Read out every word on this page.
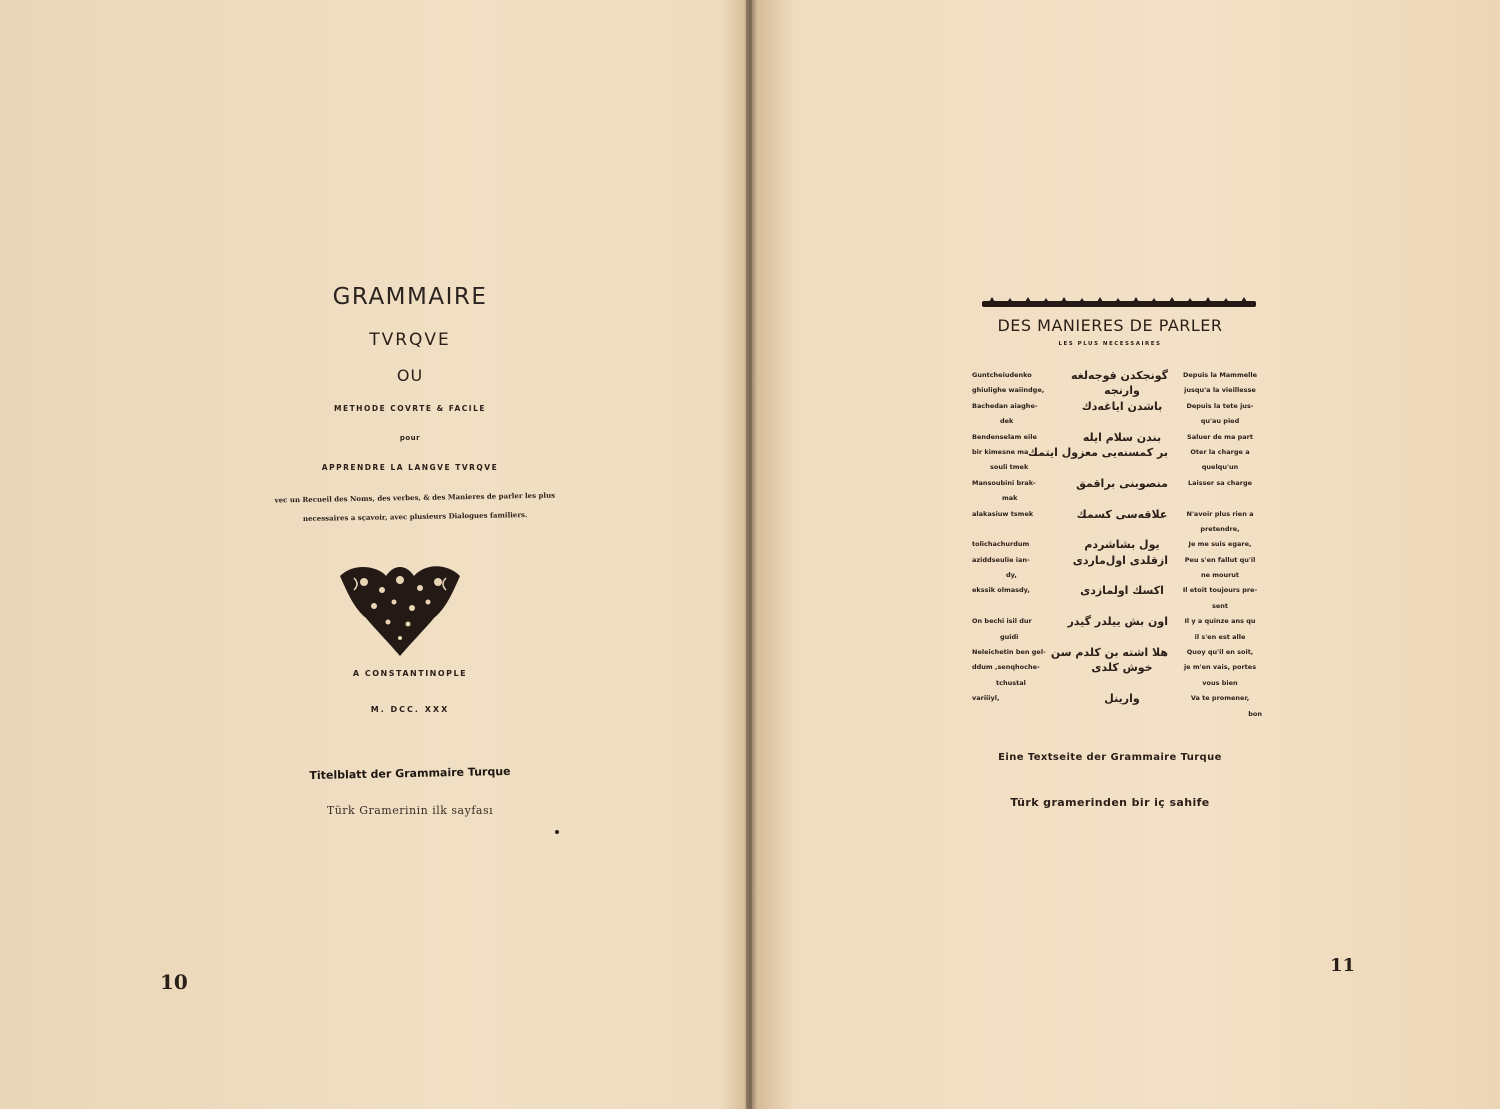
GRAMMAIRE
TVRQVE
OU
METHODE COVRTE & FACILE
pour
APPRENDRE LA LANGVE TVRQVE
vec un Recueil des Noms, des verbes, & des Manieres de parler les plus necessaires a sçavoir, avec plusieurs Dialogues familiers.
A CONSTANTINOPLE
M. DCC. XXX
Titelblatt der Grammaire Turque
Türk Gramerinin ilk sayfası
10
DES MANIERES DE PARLER
LES PLUS NECESSAIRES
Guntcheiudenko
ghiulighe waiindge,
Bachedan aiaghe-
dek
Bendenselam eile
bir kimesne ma
souli tmek
Mansoubini brak-
mak
alakasiuw tsmek
tolichachurdum
aziddseulie ian-
dy,
ekssik olmasdy,
On bechi isil dur
guidi
Neleichetin ben gel-
ddum ,senqhoche-
tchustal
variiiyl,
گونجکدن قوجه‌لغه
وارنجه
باشدن ایاغه‌دك
بندن سلام ایله
بر کمسنه‌یی معزول ایتمك
منصوبنی براقمق
علاقه‌سی کسمك
یول بشاشردم
ازقلدی اول‌ماردی
اکسك اولمازدی
اون بش ییلدر گیدر
هلا اشته بن کلدم سن
خوش کلدی
وارینل
Depuis la Mammelle
jusqu'a la vieillesse
Depuis la tete jus-
qu'au pied
Saluer de ma part
Oter la charge a
quelqu'un
Laisser sa charge
N'avoir plus rien a
pretendre,
Je me suis egare,
Peu s'en fallut qu'il
ne mourut
Il etoit toujours pre-
sent
Il y a quinze ans qu
il s'en est alle
Quoy qu'il en soit,
je m'en vais, portes
vous bien
Va te promener,
bon
Eine Textseite der Grammaire Turque
Türk gramerinden bir iç sahife
11
